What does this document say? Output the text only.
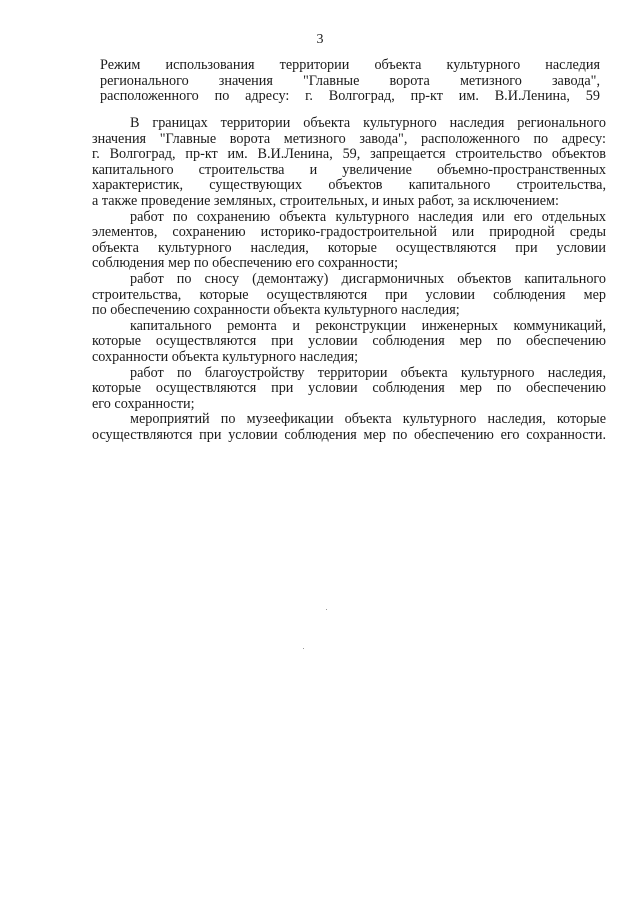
3
Режим использования территории объекта культурного наследия
регионального значения "Главные ворота метизного завода",
расположенного по адресу: г. Волгоград, пр-кт им. В.И.Ленина, 59
В границах территории объекта культурного наследия регионального
значения "Главные ворота метизного завода", расположенного по адресу:
г. Волгоград, пр-кт им. В.И.Ленина, 59, запрещается строительство объектов
капитального строительства и увеличение объемно-пространственных
характеристик, существующих объектов капитального строительства,
а также проведение земляных, строительных, и иных работ, за исключением:
работ по сохранению объекта культурного наследия или его отдельных
элементов, сохранению историко-градостроительной или природной среды
объекта культурного наследия, которые осуществляются при условии
соблюдения мер по обеспечению его сохранности;
работ по сносу (демонтажу) дисгармоничных объектов капитального
строительства, которые осуществляются при условии соблюдения мер
по обеспечению сохранности объекта культурного наследия;
капитального ремонта и реконструкции инженерных коммуникаций,
которые осуществляются при условии соблюдения мер по обеспечению
сохранности объекта культурного наследия;
работ по благоустройству территории объекта культурного наследия,
которые осуществляются при условии соблюдения мер по обеспечению
его сохранности;
мероприятий по музеефикации объекта культурного наследия, которые
осуществляются при условии соблюдения мер по обеспечению его сохранности.
